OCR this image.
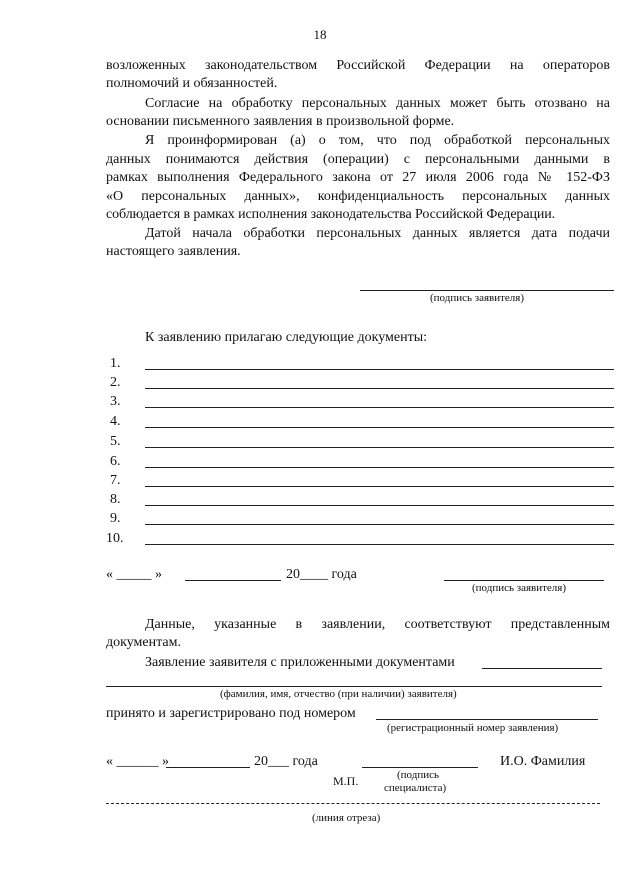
18
возложенных законодательством Российской Федерации на операторов
полномочий и обязанностей.
Согласие на обработку персональных данных может быть отозвано на
основании письменного заявления в произвольной форме.
Я проинформирован (а) о том, что под обработкой персональных
данных понимаются действия (операции) с персональными данными в
рамках выполнения Федерального закона от 27 июля 2006 года № 152-ФЗ
«О персональных данных», конфиденциальность персональных данных
соблюдается в рамках исполнения законодательства Российской Федерации.
Датой начала обработки персональных данных является дата подачи
настоящего заявления.
(подпись заявителя)
К заявлению прилагаю следующие документы:
1.
2.
3.
4.
5.
6.
7.
8.
9.
10.
« _____ »	20____ года
(подпись заявителя)
Данные, указанные в заявлении, соответствуют представленным
документам.
Заявление заявителя с приложенными документами
(фамилия, имя, отчество (при наличии) заявителя)
принято и зарегистрировано под номером
(регистрационный номер заявления)
« ______ »	20___ года	И.О. Фамилия
М.П.	(подпись
специалиста)
(линия отреза)
